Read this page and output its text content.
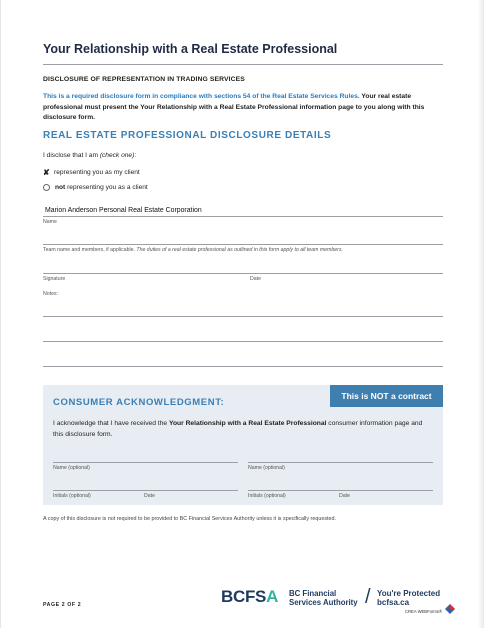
Your Relationship with a Real Estate Professional
DISCLOSURE OF REPRESENTATION IN TRADING SERVICES
This is a required disclosure form in compliance with sections 54 of the Real Estate Services Rules. Your real estate professional must present the Your Relationship with a Real Estate Professional information page to you along with this disclosure form.
REAL ESTATE PROFESSIONAL DISCLOSURE DETAILS
I disclose that I am (check one):
✘ representing you as my client
not representing you as a client
Marion Anderson Personal Real Estate Corporation
Name
Team name and members, if applicable. The duties of a real estate professional as outlined in this form apply to all team members.
Signature	Date
Notes:
This is NOT a contract
CONSUMER ACKNOWLEDGMENT:
I acknowledge that I have received the Your Relationship with a Real Estate Professional consumer information page and this disclosure form.
Name (optional)	Name (optional)
Initials (optional)	Date	Initials (optional)	Date
A copy of this disclosure is not required to be provided to BC Financial Services Authority unless it is specifically requested.
PAGE 2 OF 2	BCFSA BC Financial
Services Authority / You're Protected
bcfsa.ca
CREA WEBForms®
